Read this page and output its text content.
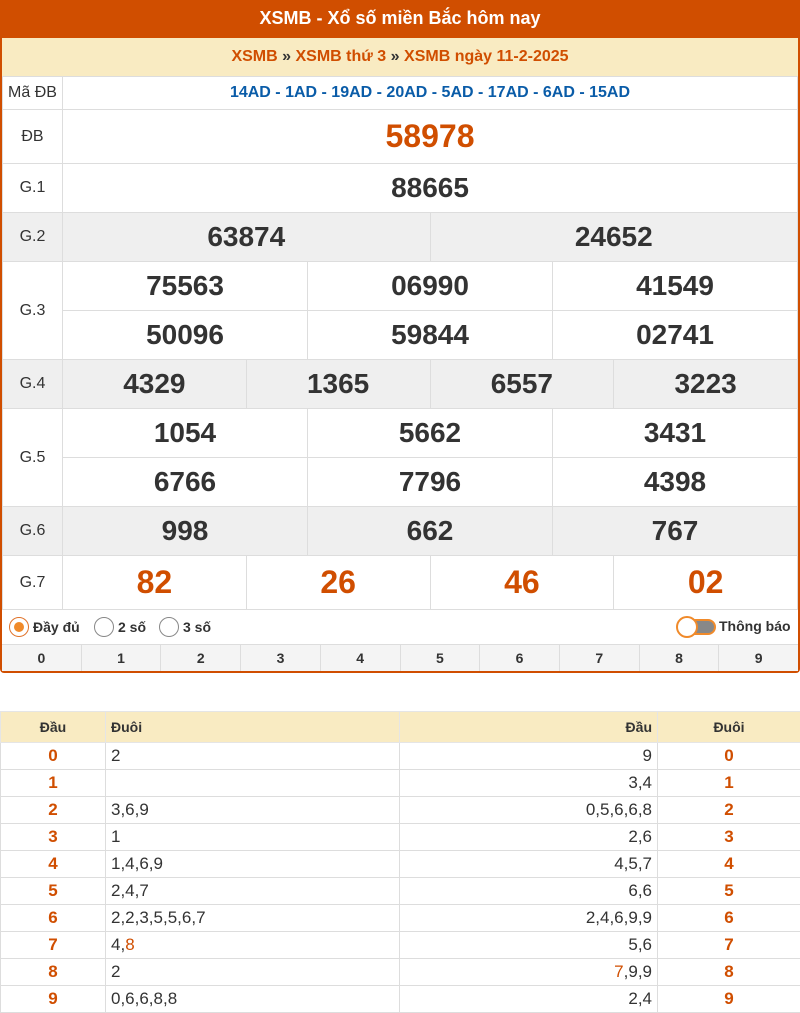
XSMB - Xổ số miền Bắc hôm nay
XSMB » XSMB thứ 3 » XSMB ngày 11-2-2025
Mã ĐB	14AD - 1AD - 19AD - 20AD - 5AD - 17AD - 6AD - 15AD					
ĐB	58978					
G.1	88665					
G.2	63874			24652		
G.3	75563		06990		41549	
	50096		59844		02741	
G.4	4329	1365		6557		3223
G.5	1054		5662		3431	
	6766		7796		4398	
G.6	998		662		767	
G.7	82	26		46		02
Đầy đủ	2 số	3 số	Thông báo
0	1	2	3	4	5	6	7	8	9
Đầu	Đuôi	Đầu	Đuôi
0	2	9	0
1		3,4	1
2	3,6,9	0,5,6,6,8	2
3	1	2,6	3
4	1,4,6,9	4,5,7	4
5	2,4,7	6,6	5
6	2,2,3,5,5,6,7	2,4,6,9,9	6
7	4,8	5,6	7
8	2	7,9,9	8
9	0,6,6,8,8	2,4	9
